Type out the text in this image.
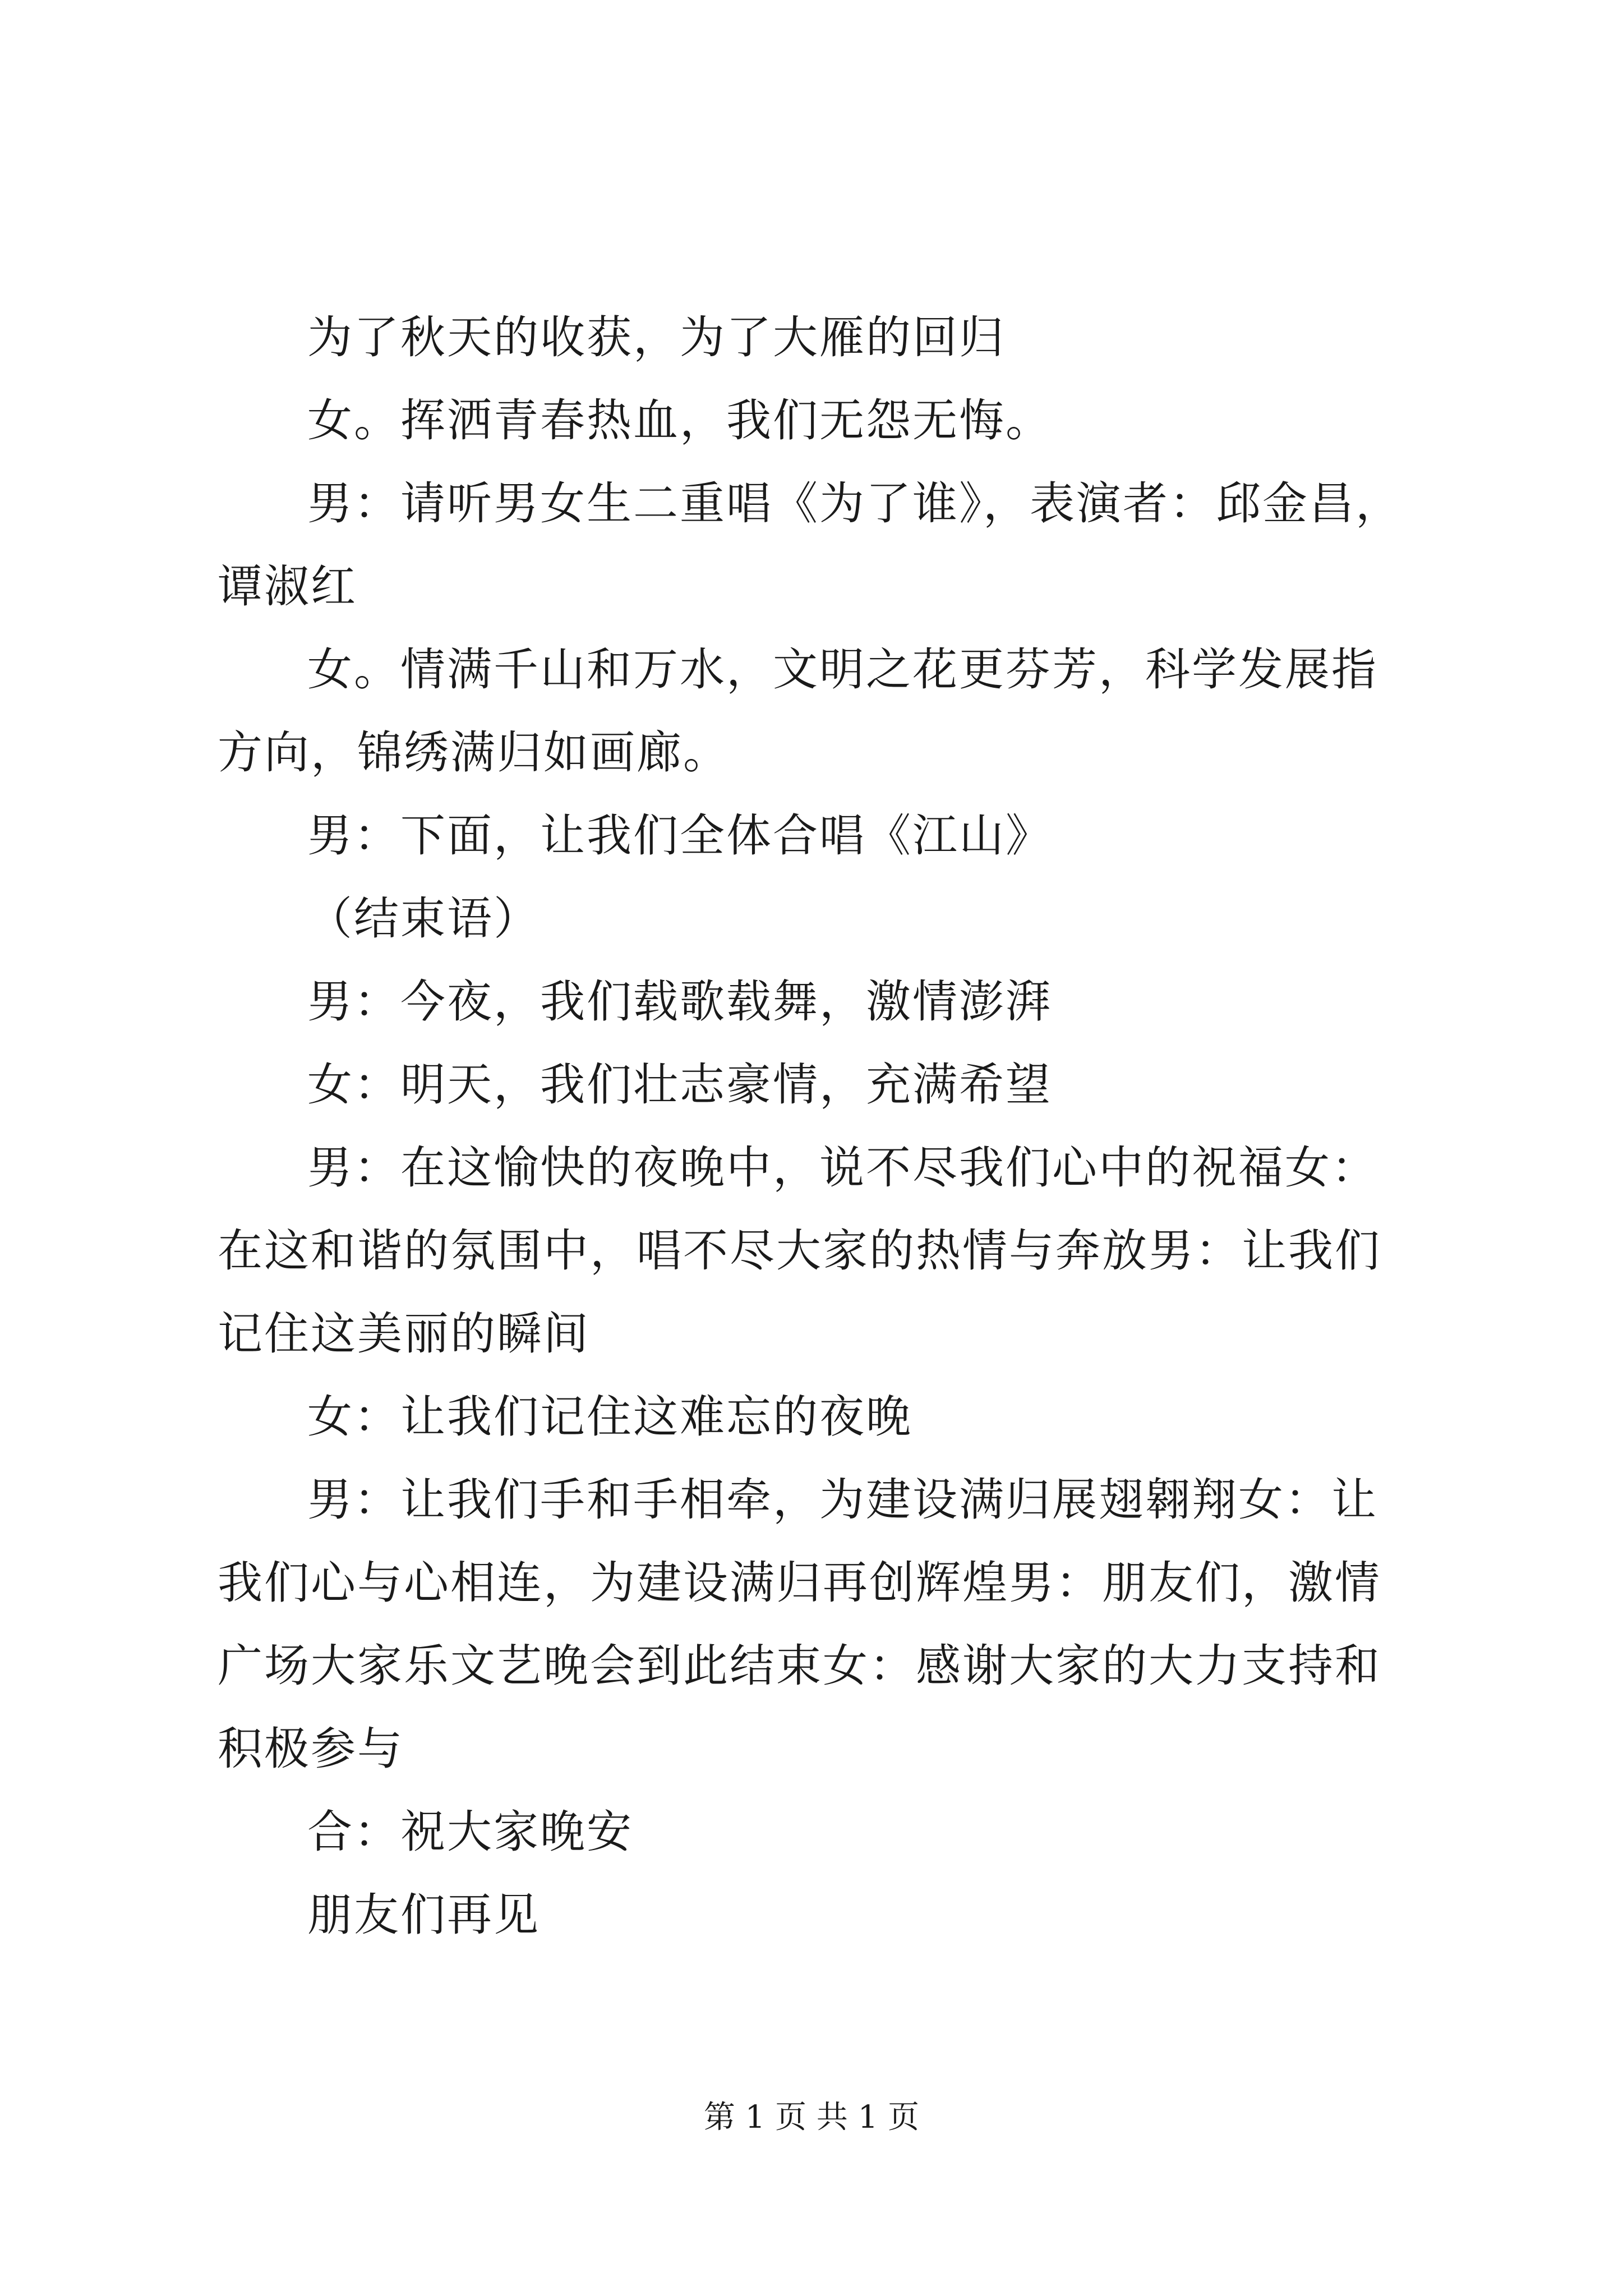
为了秋天的收获，为了大雁的回归

女。挥洒青春热血，我们无怨无悔。

男：请听男女生二重唱《为了谁》，表演者：邱金昌，谭淑红

女。情满千山和万水，文明之花更芬芳，科学发展指方向，锦绣满归如画廊。

男：下面，让我们全体合唱《江山》

（结束语）

男：今夜，我们载歌载舞，激情澎湃

女：明天，我们壮志豪情，充满希望

男：在这愉快的夜晚中，说不尽我们心中的祝福女：在这和谐的氛围中，唱不尽大家的热情与奔放男：让我们记住这美丽的瞬间

女：让我们记住这难忘的夜晚

男：让我们手和手相牵，为建设满归展翅翱翔女：让我们心与心相连，为建设满归再创辉煌男：朋友们，激情广场大家乐文艺晚会到此结束女：感谢大家的大力支持和积极参与

合：祝大家晚安

朋友们再见

第 1 页 共 1 页
